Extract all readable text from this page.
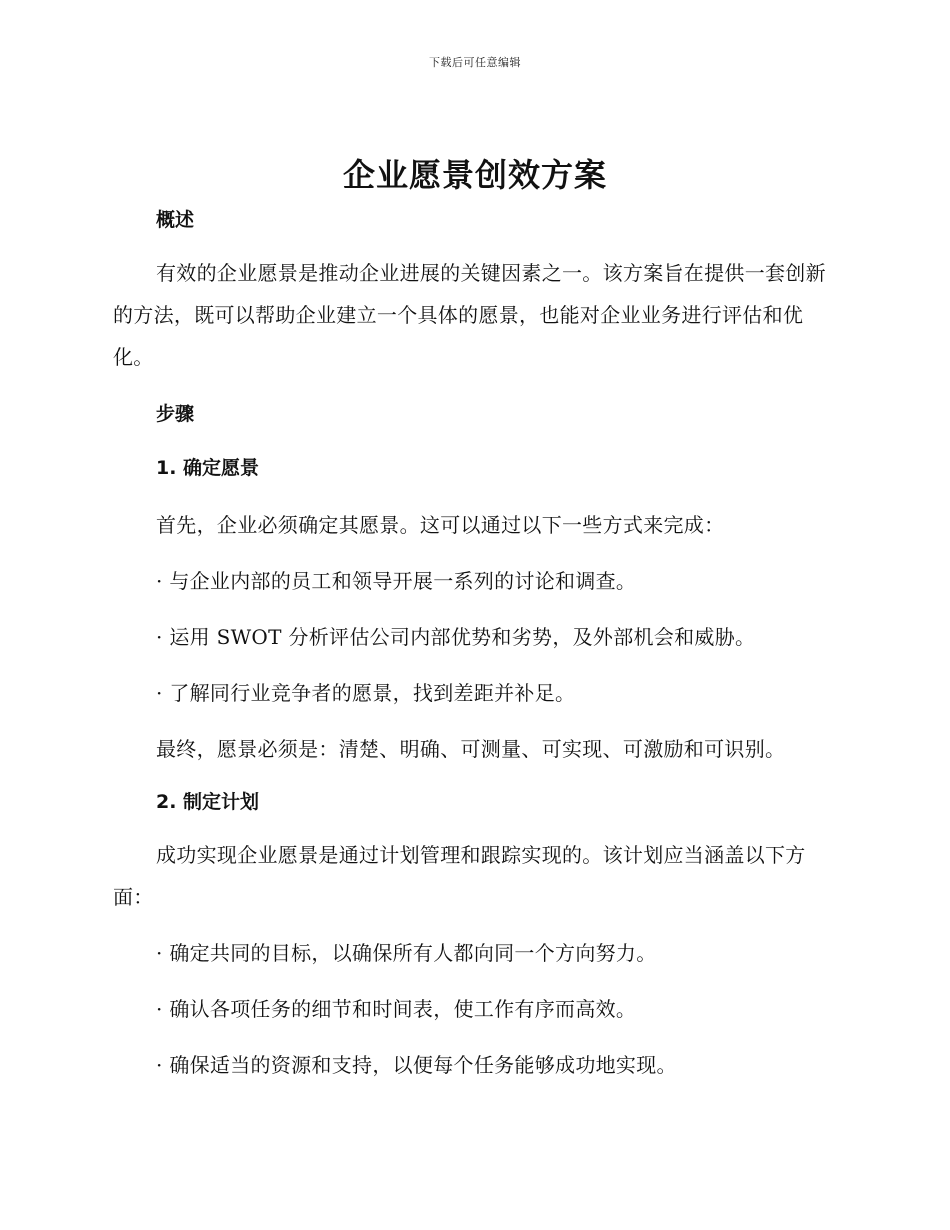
下载后可任意编辑
企业愿景创效方案
概述

有效的企业愿景是推动企业进展的关键因素之一。该方案旨在提供一套创新的方法，既可以帮助企业建立一个具体的愿景，也能对企业业务进行评估和优化。

步骤
1. 确定愿景

首先，企业必须确定其愿景。这可以通过以下一些方式来完成：

· 与企业内部的员工和领导开展一系列的讨论和调查。

· 运用 SWOT 分析评估公司内部优势和劣势，及外部机会和威胁。

· 了解同行业竞争者的愿景，找到差距并补足。

最终，愿景必须是：清楚、明确、可测量、可实现、可激励和可识别。

2. 制定计划

成功实现企业愿景是通过计划管理和跟踪实现的。该计划应当涵盖以下方面：

· 确定共同的目标，以确保所有人都向同一个方向努力。

· 确认各项任务的细节和时间表，使工作有序而高效。

· 确保适当的资源和支持，以便每个任务能够成功地实现。
